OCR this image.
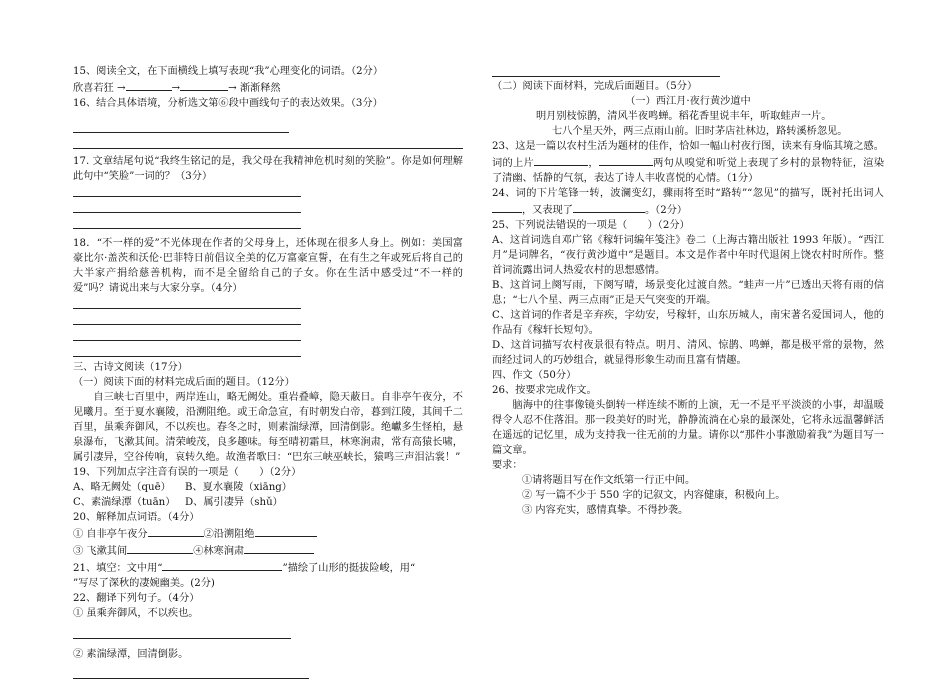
15、阅读全文，在下面横线上填写表现“我”心理变化的词语。（2分）
欣喜若狂 →	→	→ 渐渐释然
16、结合具体语境，分析选文第⑥段中画线句子的表达效果。（3分）
17. 文章结尾句说“我终生铭记的是，我父母在我精神危机时刻的笑脸”。你是如何理解此句中“笑脸”一词的？（3分）
18．“不一样的爱”不光体现在作者的父母身上，还体现在很多人身上。例如：美国富豪比尔·盖茨和沃伦·巴菲特日前倡议全美的亿万富豪宣誓，在有生之年或死后将自己的大半家产捐给慈善机构，而不是全留给自己的子女。你在生活中感受过“不一样的爱”吗？请说出来与大家分享。（4分）
三、古诗文阅读（17分）
（一）阅读下面的材料完成后面的题目。（12分）
自三峡七百里中，两岸连山，略无阙处。重岩叠嶂，隐天蔽日。自非亭午夜分，不见曦月。至于夏水襄陵，沿溯阻绝。或王命急宣，有时朝发白帝，暮到江陵，其间千二百里，虽乘奔御风，不以疾也。春冬之时，则素湍绿潭，回清倒影。绝巘多生怪柏，悬泉瀑布，飞漱其间。清荣峻茂，良多趣味。每至晴初霜旦，林寒涧肃，常有高猿长啸，属引凄异，空谷传响，哀转久绝。故渔者歌曰：“巴东三峡巫峡长，猿鸣三声泪沾裳！”
19、下列加点字注音有误的一项是（　　）（2分）
A、略无阙处（quē） B、夏水襄陵（xiāng）
C、素湍绿潭（tuān） D、属引凄异（shǔ）
20、解释加点词语。（4分）
① 自非亭午夜分	②沿溯阻绝
③ 飞漱其间	④林寒涧肃
21、填空：文中用“	”描绘了山形的挺拔险峻，用“
”写尽了深秋的凄婉幽美。(2分)
22、翻译下列句子。（4分）
① 虽乘奔御风，不以疾也。
② 素湍绿潭，回清倒影。
（二）阅读下面材料，完成后面题目。（5分）
（一）西江月·夜行黄沙道中
明月别枝惊鹊，清风半夜鸣蝉。稻花香里说丰年，听取蛙声一片。
七八个星天外，两三点雨山前。旧时茅店社林边，路转溪桥忽见。
23、这是一篇以农村生活为题材的佳作，恰如一幅山村夜行图，读来有身临其境之感。词的上片	，	两句从嗅觉和听觉上表现了乡村的景物特征，渲染了清幽、恬静的气氛，表达了诗人丰收喜悦的心情。（1分）
24、词的下片笔锋一转，波澜变幻，骤雨将至时“路转”“忽见”的描写，既衬托出词人，又表现了	。（2分）
25、下列说法错误的一项是（　　）（2分）
A、这首词选自邓广铭《稼轩词编年笺注》卷二（上海古籍出版社 1993 年版）。“西江月”是词牌名，“夜行黄沙道中”是题目。本文是作者中年时代退闲上饶农村时所作。整首词流露出词人热爱农村的思想感情。
B、这首词上阕写雨，下阕写晴，场景变化过渡自然。“蛙声一片”已透出天将有雨的信息；“七八个星、两三点雨”正是天气突变的开端。
C、这首词的作者是辛弃疾，字幼安，号稼轩，山东历城人，南宋著名爱国词人，他的作品有《稼轩长短句》。
D、这首词描写农村夜景很有特点。明月、清风、惊鹊、鸣蝉，都是极平常的景物，然而经过词人的巧妙组合，就显得形象生动而且富有情趣。
四、作文（50分）
26、按要求完成作文。
脑海中的往事像镜头倒转一样连续不断的上演，无一不是平平淡淡的小事，却温暖得令人忍不住落泪。那一段美好的时光，静静流淌在心泉的最深处，它将永远温馨鲜活在遥远的记忆里，成为支持我一往无前的力量。请你以“那件小事激励着我”为题目写一篇文章。
要求：
①请将题目写在作文纸第一行正中间。
② 写一篇不少于 550 字的记叙文，内容健康，积极向上。
③ 内容充实，感情真挚。不得抄袭。
